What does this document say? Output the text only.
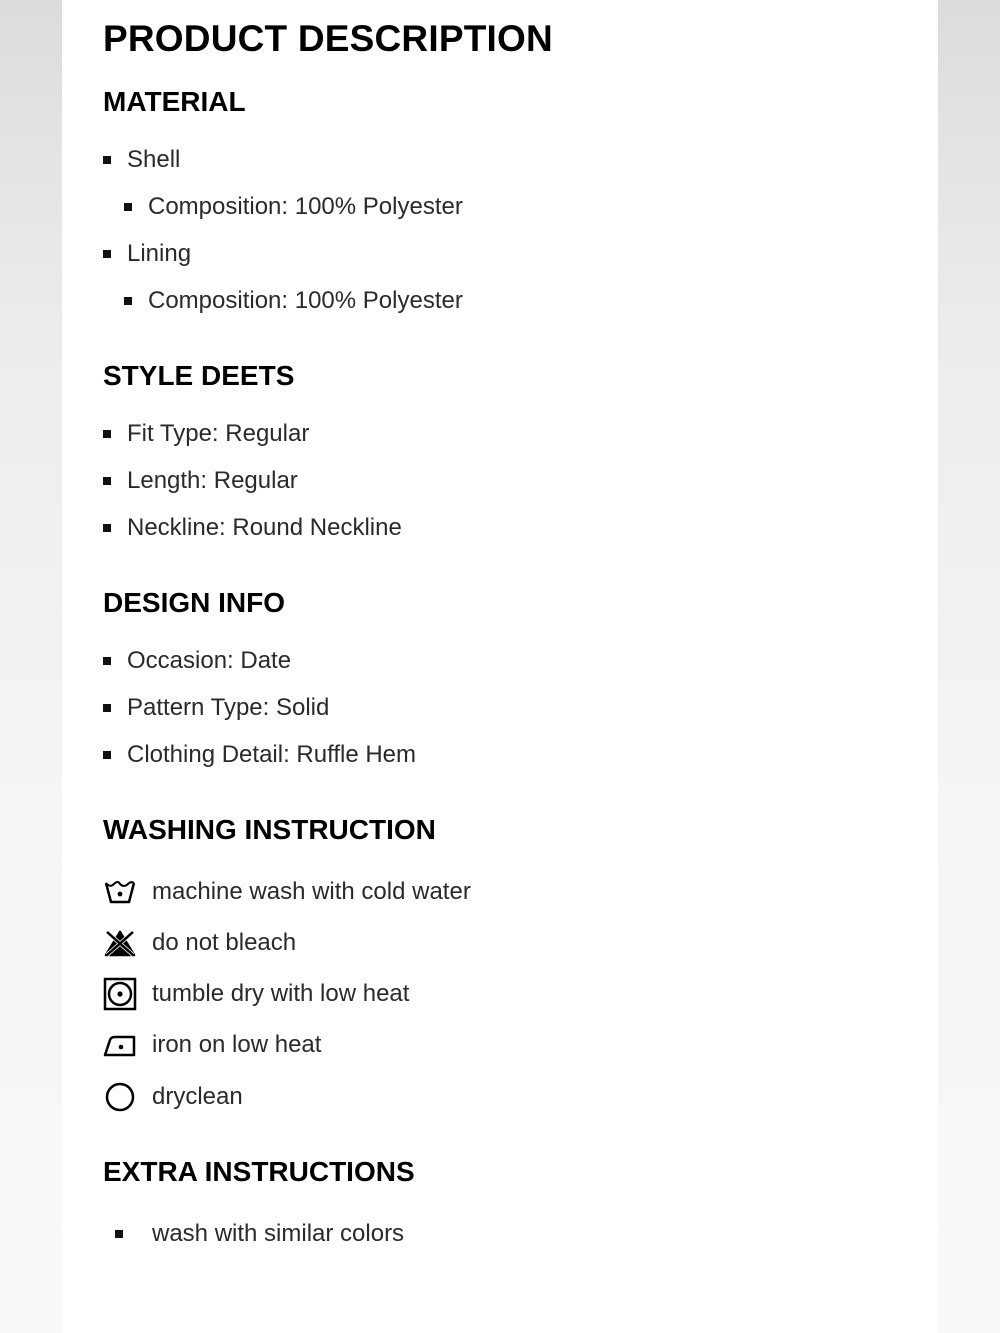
PRODUCT DESCRIPTION
MATERIAL
Shell
Composition: 100% Polyester
Lining
Composition: 100% Polyester
STYLE DEETS
Fit Type: Regular
Length: Regular
Neckline: Round Neckline
DESIGN INFO
Occasion: Date
Pattern Type: Solid
Clothing Detail: Ruffle Hem
WASHING INSTRUCTION
machine wash with cold water
do not bleach
tumble dry with low heat
iron on low heat
dryclean
EXTRA INSTRUCTIONS
wash with similar colors
